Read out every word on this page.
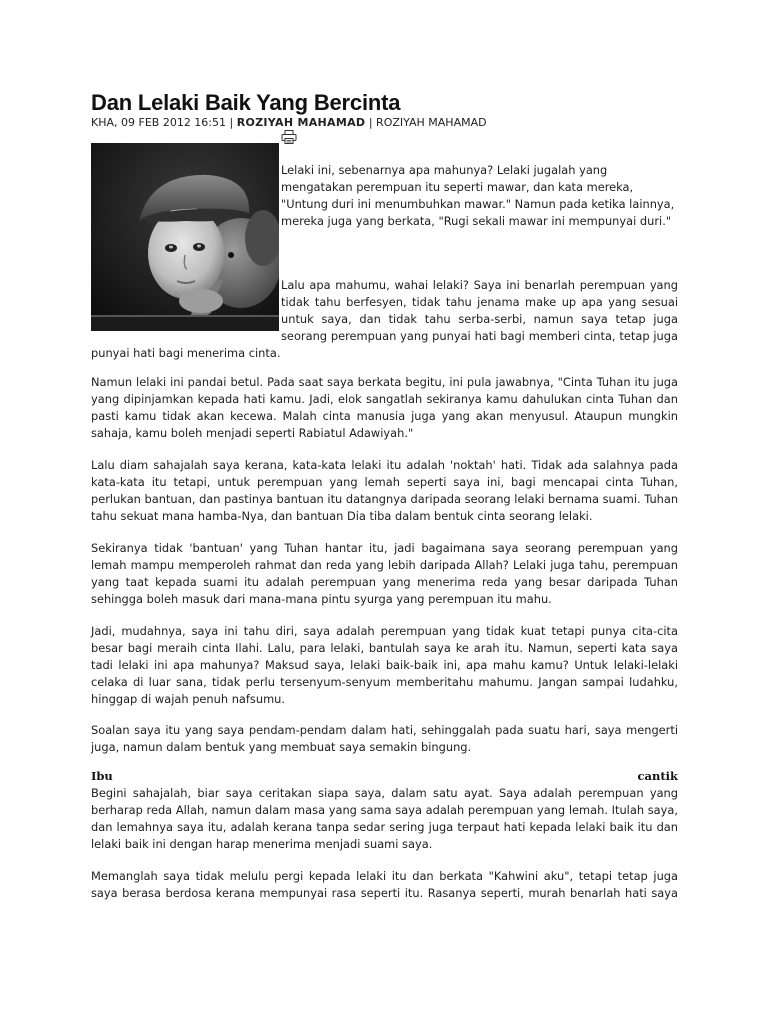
Dan Lelaki Baik Yang Bercinta
KHA, 09 FEB 2012 16:51 | ROZIYAH MAHAMAD | ROZIYAH MAHAMAD
Lelaki ini, sebenarnya apa mahunya? Lelaki jugalah yang
mengatakan perempuan itu seperti mawar, dan kata mereka,
"Untung duri ini menumbuhkan mawar." Namun pada ketika lainnya,
mereka juga yang berkata, "Rugi sekali mawar ini mempunyai duri."
Lalu apa mahumu, wahai lelaki? Saya ini benarlah perempuan yang
tidak tahu berfesyen, tidak tahu jenama make up apa yang sesuai
untuk saya, dan tidak tahu serba-serbi, namun saya tetap juga
seorang perempuan yang punyai hati bagi memberi cinta, tetap juga
punyai hati bagi menerima cinta.
Namun lelaki ini pandai betul. Pada saat saya berkata begitu, ini pula jawabnya, "Cinta Tuhan itu juga
yang dipinjamkan kepada hati kamu. Jadi, elok sangatlah sekiranya kamu dahulukan cinta Tuhan dan
pasti kamu tidak akan kecewa. Malah cinta manusia juga yang akan menyusul. Ataupun mungkin
sahaja, kamu boleh menjadi seperti Rabiatul Adawiyah."
Lalu diam sahajalah saya kerana, kata-kata lelaki itu adalah 'noktah' hati. Tidak ada salahnya pada
kata-kata itu tetapi, untuk perempuan yang lemah seperti saya ini, bagi mencapai cinta Tuhan,
perlukan bantuan, dan pastinya bantuan itu datangnya daripada seorang lelaki bernama suami. Tuhan
tahu sekuat mana hamba-Nya, dan bantuan Dia tiba dalam bentuk cinta seorang lelaki.
Sekiranya tidak 'bantuan' yang Tuhan hantar itu, jadi bagaimana saya seorang perempuan yang
lemah mampu memperoleh rahmat dan reda yang lebih daripada Allah? Lelaki juga tahu, perempuan
yang taat kepada suami itu adalah perempuan yang menerima reda yang besar daripada Tuhan
sehingga boleh masuk dari mana-mana pintu syurga yang perempuan itu mahu.
Jadi, mudahnya, saya ini tahu diri, saya adalah perempuan yang tidak kuat tetapi punya cita-cita
besar bagi meraih cinta Ilahi. Lalu, para lelaki, bantulah saya ke arah itu. Namun, seperti kata saya
tadi lelaki ini apa mahunya? Maksud saya, lelaki baik-baik ini, apa mahu kamu? Untuk lelaki-lelaki
celaka di luar sana, tidak perlu tersenyum-senyum memberitahu mahumu. Jangan sampai ludahku,
hinggap di wajah penuh nafsumu.
Soalan saya itu yang saya pendam-pendam dalam hati, sehinggalah pada suatu hari, saya mengerti
juga, namun dalam bentuk yang membuat saya semakin bingung.
Ibu	cantik
Begini sahajalah, biar saya ceritakan siapa saya, dalam satu ayat. Saya adalah perempuan yang
berharap reda Allah, namun dalam masa yang sama saya adalah perempuan yang lemah. Itulah saya,
dan lemahnya saya itu, adalah kerana tanpa sedar sering juga terpaut hati kepada lelaki baik itu dan
lelaki baik ini dengan harap menerima menjadi suami saya.
Memanglah saya tidak melulu pergi kepada lelaki itu dan berkata "Kahwini aku", tetapi tetap juga
saya berasa berdosa kerana mempunyai rasa seperti itu. Rasanya seperti, murah benarlah hati saya
